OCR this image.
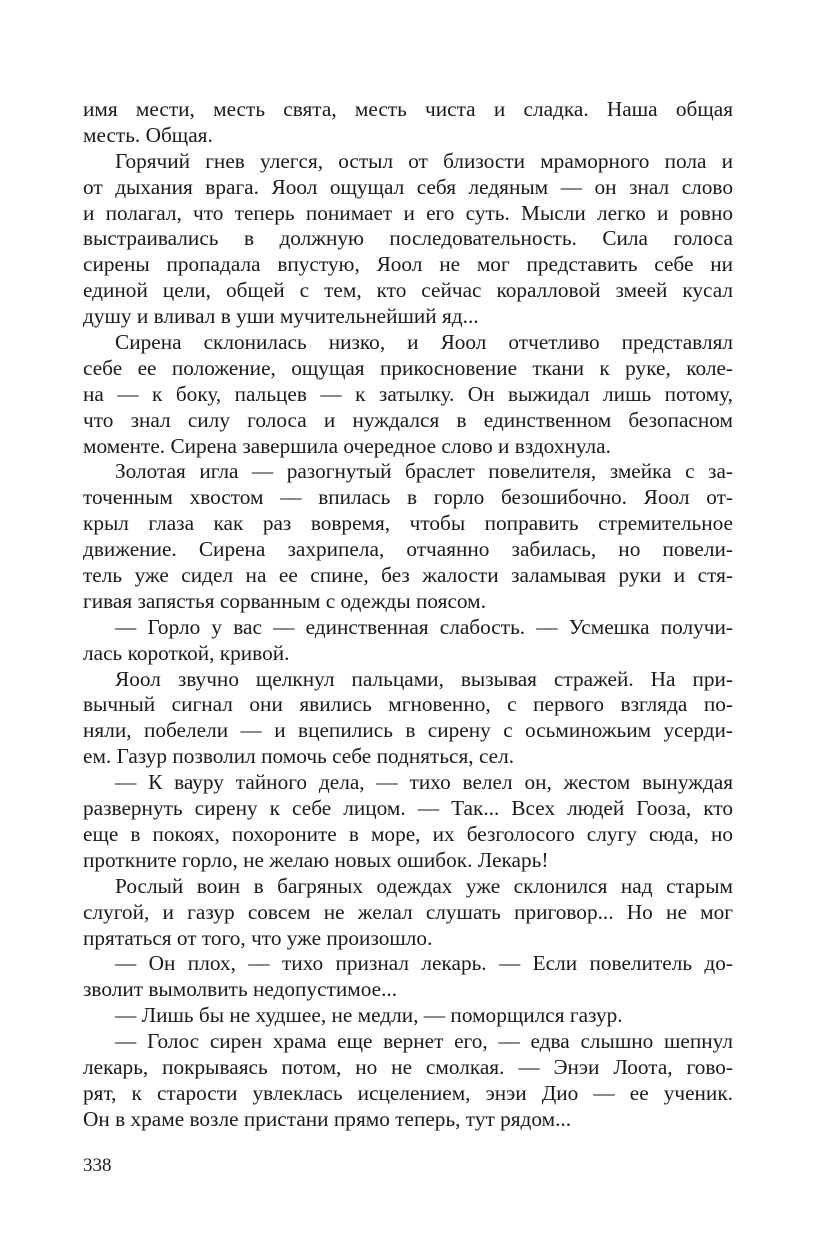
имя мести, месть свята, месть чиста и сладка. Наша общая
месть. Общая.
Горячий гнев улегся, остыл от близости мраморного пола и
от дыхания врага. Яоол ощущал себя ледяным — он знал слово
и полагал, что теперь понимает и его суть. Мысли легко и ровно
выстраивались в должную последовательность. Сила голоса
сирены пропадала впустую, Яоол не мог представить себе ни
единой цели, общей с тем, кто сейчас коралловой змеей кусал
душу и вливал в уши мучительнейший яд...
Сирена склонилась низко, и Яоол отчетливо представлял
себе ее положение, ощущая прикосновение ткани к руке, коле-
на — к боку, пальцев — к затылку. Он выжидал лишь потому,
что знал силу голоса и нуждался в единственном безопасном
моменте. Сирена завершила очередное слово и вздохнула.
Золотая игла — разогнутый браслет повелителя, змейка с за-
точенным хвостом — впилась в горло безошибочно. Яоол от-
крыл глаза как раз вовремя, чтобы поправить стремительное
движение. Сирена захрипела, отчаянно забилась, но повели-
тель уже сидел на ее спине, без жалости заламывая руки и стя-
гивая запястья сорванным с одежды поясом.
— Горло у вас — единственная слабость. — Усмешка получи-
лась короткой, кривой.
Яоол звучно щелкнул пальцами, вызывая стражей. На при-
вычный сигнал они явились мгновенно, с первого взгляда по-
няли, побелели — и вцепились в сирену с осьминожьим усерди-
ем. Газур позволил помочь себе подняться, сел.
— К вауру тайного дела, — тихо велел он, жестом вынуждая
развернуть сирену к себе лицом. — Так... Всех людей Гооза, кто
еще в покоях, похороните в море, их безголосого слугу сюда, но
проткните горло, не желаю новых ошибок. Лекарь!
Рослый воин в багряных одеждах уже склонился над старым
слугой, и газур совсем не желал слушать приговор... Но не мог
прятаться от того, что уже произошло.
— Он плох, — тихо признал лекарь. — Если повелитель до-
зволит вымолвить недопустимое...
— Лишь бы не худшее, не медли, — поморщился газур.
— Голос сирен храма еще вернет его, — едва слышно шепнул
лекарь, покрываясь потом, но не смолкая. — Энэи Лоота, гово-
рят, к старости увлеклась исцелением, энэи Дио — ее ученик.
Он в храме возле пристани прямо теперь, тут рядом...
338
